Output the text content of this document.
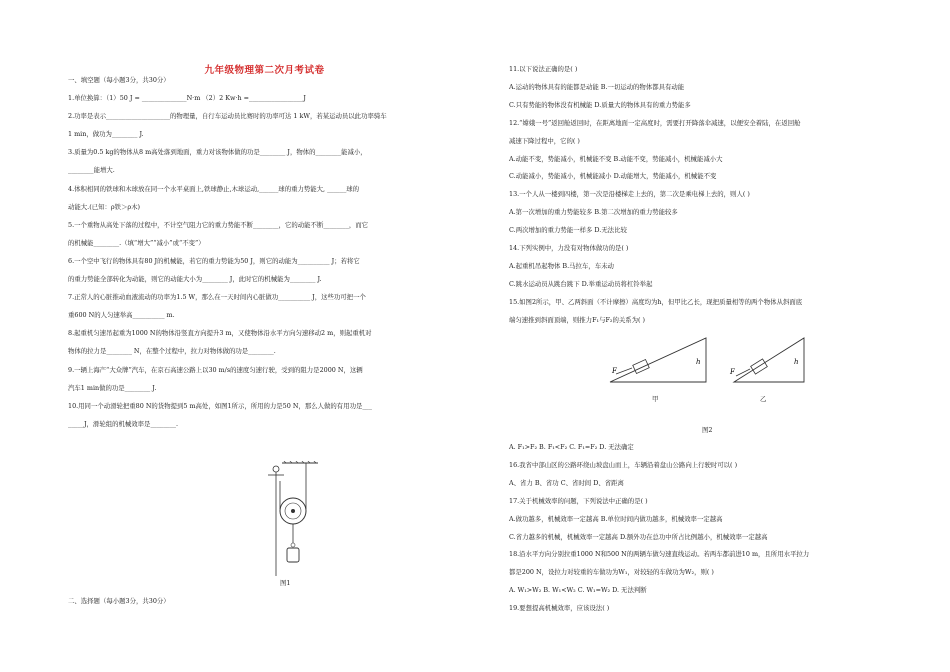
九年级物理第二次月考试卷
一、填空题（每小题3分，共30分）
1.单位换算：（1）50 J = ______________N·m （2）2 Kw·h =_________________J
2.功率是表示____________________的物理量，自行车运动员比赛时的功率可达 1 kW，若某运动员以此功率骑车
1 min，做功为________ J.
3.质量为0.5 kg的物体从8 m高处落到地面，重力对该物体做的功是________ J，物体的________能减小，
________能增大.
4.体积相同的铁球和木球放在同一个水平桌面上,铁球静止,木球运动,______球的重力势能大, ______球的
动能大.(已知：ρ铁＞ρ木)
5.一个重物从高处下落的过程中，不计空气阻力它的重力势能不断________，它的动能不断________，而它
的机械能________.（填“增大”“减小”或“不变”）
6.一个空中飞行的物体具有80 J的机械能，若它的重力势能为50 J，则它的动能为__________ J；若将它
的重力势能全部转化为动能，则它的动能大小为________ J，此时它的机械能为________ J.
7.正常人的心脏推动血液流动的功率为1.5 W，那么在一天时间内心脏做功__________ J，这些功可把一个
重600 N的人匀速举高__________ m.
8.起重机匀速吊起重为1000 N的物体沿竖直方向提升3 m，又使物体沿水平方向匀速移动2 m，则起重机对
物体的拉力是________ N，在整个过程中，拉力对物体做的功是________.
9.一辆上海产“大众牌”汽车，在京石高速公路上以30 m/s的速度匀速行驶，受到的阻力是2000 N，这辆
汽车1 min做的功是________ J.
10.用同一个动滑轮把重80 N的货物提到5 m高处，如图1所示，所用的力是50 N，那么人做的有用功是___
_____J，滑轮组的机械效率是________.
图1
二、选择题（每小题3分，共30分）
11.以下说法正确的是( )
A.运动的物体具有的能都是动能 B.一切运动的物体都具有动能
C.只有势能的物体没有机械能 D.质量大的物体具有的重力势能多
12.“嫦娥一号”返回舱返回时，在距离地面一定高度时，需要打开降落伞减速，以便安全着陆，在返回舱
减速下降过程中，它的( )
A.动能不变，势能减小，机械能不变 B.动能不变，势能减小，机械能减小大
C.动能减小，势能减小，机械能减小 D.动能增大，势能减小，机械能不变
13.一个人从一楼到四楼，第一次是沿楼梯走上去的，第二次是乘电梯上去的，则人( )
A.第一次增加的重力势能较多 B.第二次增加的重力势能较多
C.两次增加的重力势能一样多 D.无法比较
14.下列实例中，力没有对物体做功的是( )
A.起重机吊起物体 B.马拉车，车未动
C.跳水运动员从跳台跳下 D.举重运动员将杠铃举起
15.如图2所示，甲、乙两斜面（不计摩擦）高度均为h，但甲比乙长，现把质量相等的两个物体从斜面底
端匀速推到斜面顶端，则推力F₁与F₂的关系为( )
F
h
F
h
甲	乙
图2
A. F₁>F₂ B. F₁<F₂ C. F₁=F₂ D. 无法确定
16.我省中部山区的公路环绕山坡盘山而上，车辆沿着盘山公路向上行驶时可以( )
A、省力 B、省功 C、省时间 D、省距离
17.关于机械效率的问题，下列说法中正确的是( )
A.做功越多，机械效率一定越高 B.单位时间内做功越多，机械效率一定越高
C.省力越多的机械，机械效率一定越高 D.额外功在总功中所占比例越小，机械效率一定越高
18.沿水平方向分别拉重1000 N和500 N的两辆车做匀速直线运动。若两车都前进10 m，且所用水平拉力
都是200 N，设拉力对较重的车做功为W₁，对较轻的车做功为W₂，则( )
A. W₁>W₂ B. W₁<W₂ C. W₁=W₂ D. 无法判断
19.要想提高机械效率，应该设法( )
